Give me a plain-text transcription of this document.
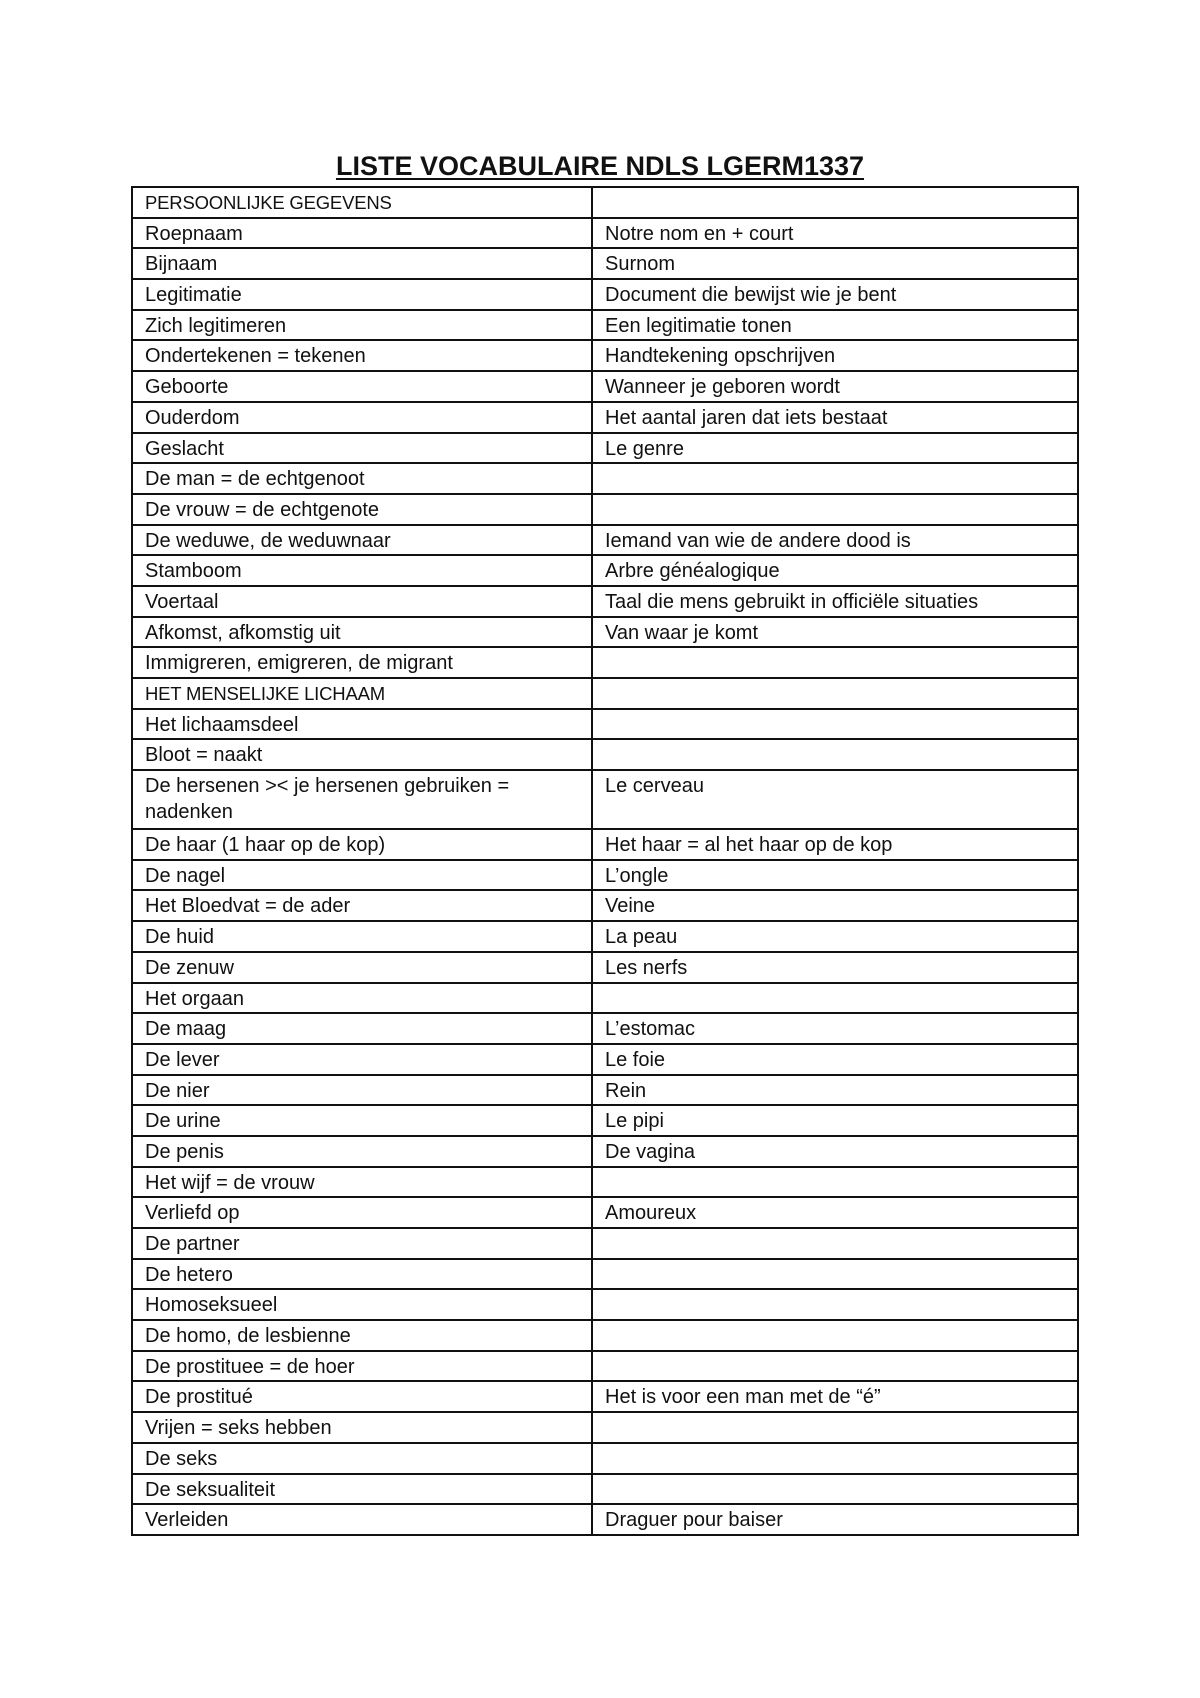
LISTE VOCABULAIRE NDLS LGERM1337
PERSOONLIJKE GEGEVENS	
Roepnaam	Notre nom en + court
Bijnaam	Surnom
Legitimatie	Document die bewijst wie je bent
Zich legitimeren	Een legitimatie tonen
Ondertekenen = tekenen	Handtekening opschrijven
Geboorte	Wanneer je geboren wordt
Ouderdom	Het aantal jaren dat iets bestaat
Geslacht	Le genre
De man = de echtgenoot	
De vrouw = de echtgenote	
De weduwe, de weduwnaar	Iemand van wie de andere dood is
Stamboom	Arbre généalogique
Voertaal	Taal die mens gebruikt in officiële situaties
Afkomst, afkomstig uit	Van waar je komt
Immigreren, emigreren, de migrant	
HET MENSELIJKE LICHAAM	
Het lichaamsdeel	
Bloot = naakt	
De hersenen >< je hersenen gebruiken = nadenken	Le cerveau
De haar (1 haar op de kop)	Het haar = al het haar op de kop
De nagel	L’ongle
Het Bloedvat = de ader	Veine
De huid	La peau
De zenuw	Les nerfs
Het orgaan	
De maag	L’estomac
De lever	Le foie
De nier	Rein
De urine	Le pipi
De penis	De vagina
Het wijf = de vrouw	
Verliefd op	Amoureux
De partner	
De hetero	
Homoseksueel	
De homo, de lesbienne	
De prostituee = de hoer	
De prostitué	Het is voor een man met de “é”
Vrijen = seks hebben	
De seks	
De seksualiteit	
Verleiden	Draguer pour baiser
